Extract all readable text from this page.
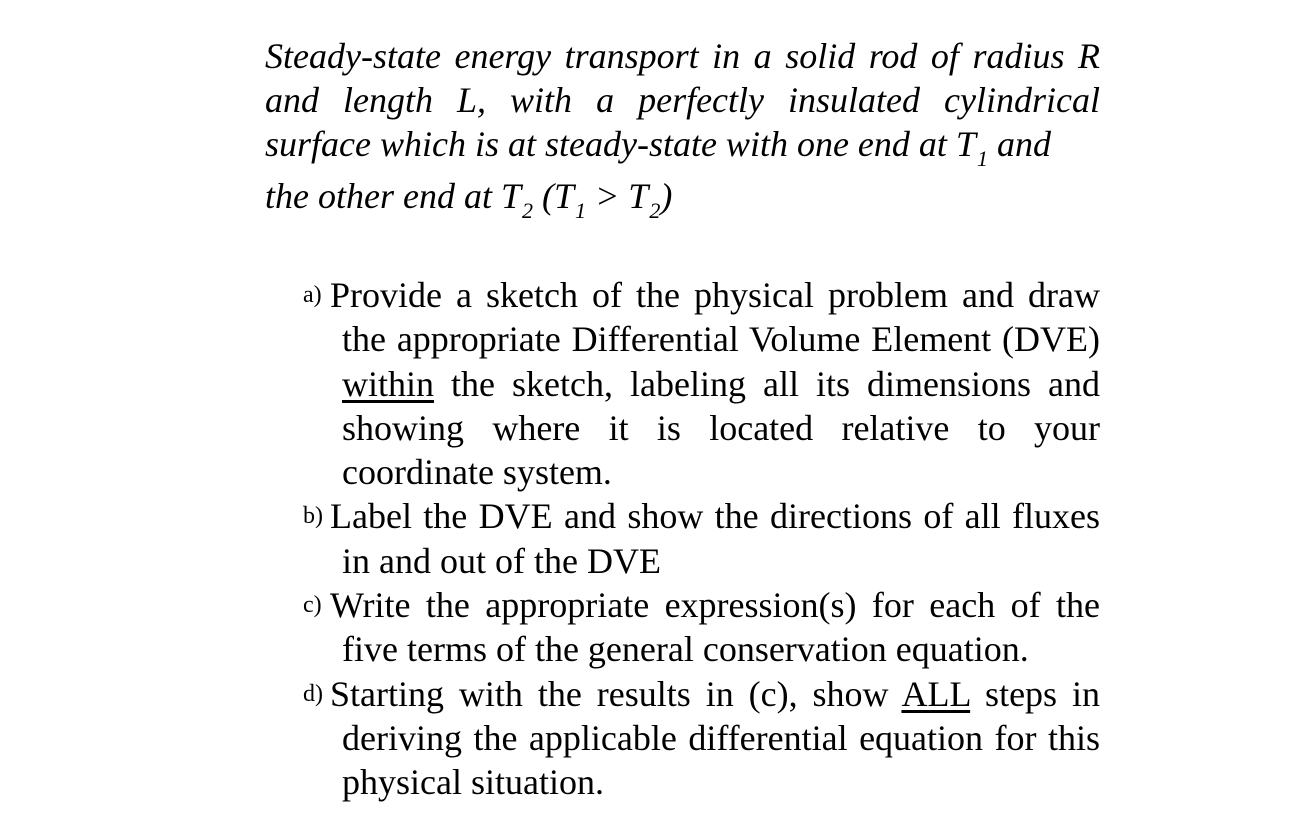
Steady-state energy transport in a solid rod of radius R and length L, with a perfectly insulated cylindrical surface which is at steady-state with one end at $T_1$ and
the other end at $T_2$ $(T_1 > T_2)$

a) Provide a sketch of the physical problem and draw the appropriate Differential Volume Element (DVE) within the sketch, labeling all its dimensions and showing where it is located relative to your coordinate system.
b) Label the DVE and show the directions of all fluxes in and out of the DVE
c) Write the appropriate expression(s) for each of the five terms of the general conservation equation.
d) Starting with the results in (c), show ALL steps in deriving the applicable differential equation for this physical situation.
